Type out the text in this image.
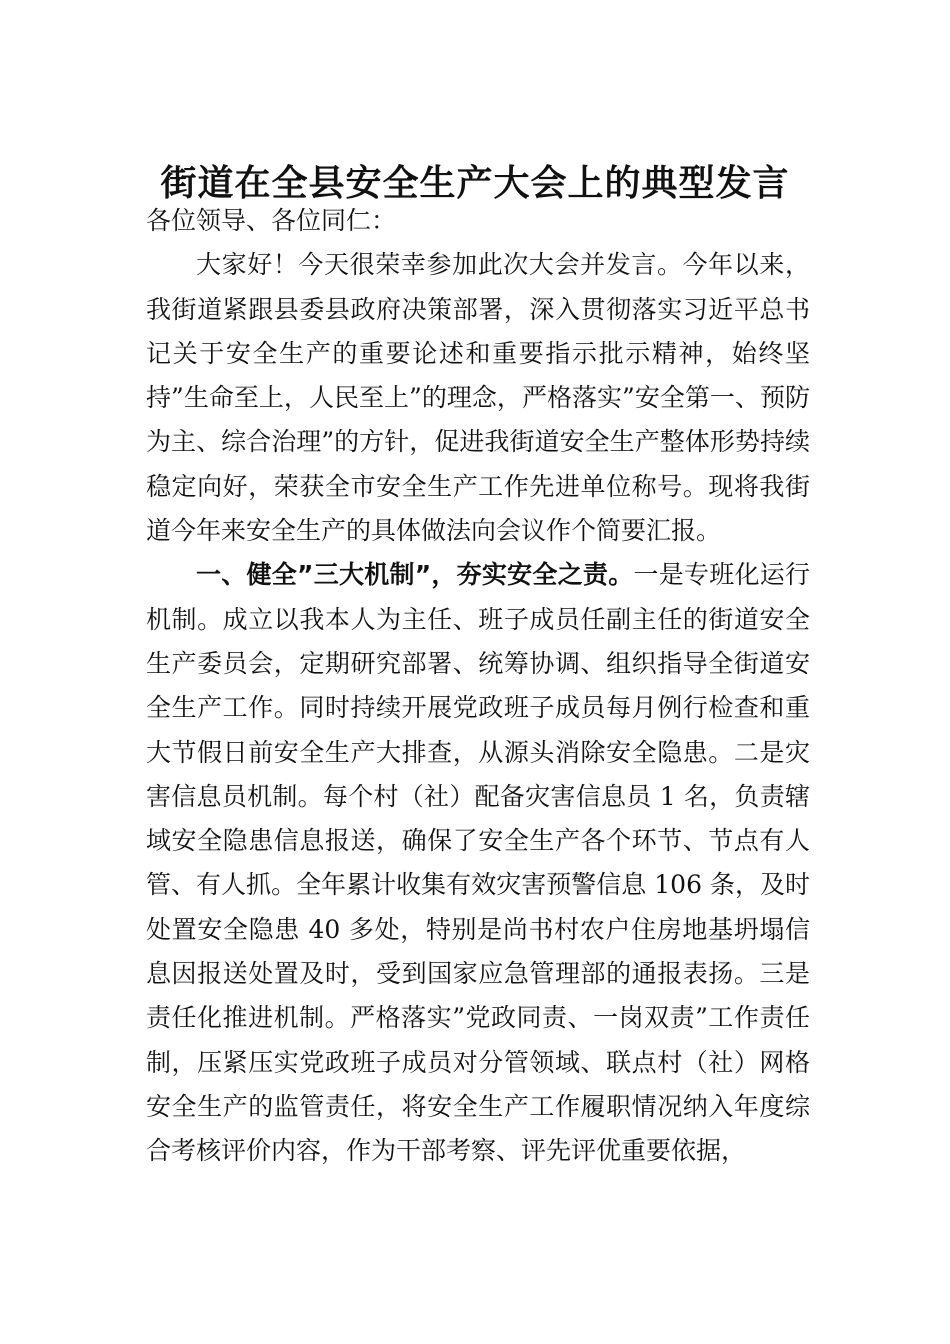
街道在全县安全生产大会上的典型发言

各位领导、各位同仁：

大家好！今天很荣幸参加此次大会并发言。今年以来，我街道紧跟县委县政府决策部署，深入贯彻落实习近平总书记关于安全生产的重要论述和重要指示批示精神，始终坚持”生命至上，人民至上”的理念，严格落实”安全第一、预防为主、综合治理”的方针，促进我街道安全生产整体形势持续稳定向好，荣获全市安全生产工作先进单位称号。现将我街道今年来安全生产的具体做法向会议作个简要汇报。

一、健全”三大机制”，夯实安全之责。一是专班化运行机制。成立以我本人为主任、班子成员任副主任的街道安全生产委员会，定期研究部署、统筹协调、组织指导全街道安全生产工作。同时持续开展党政班子成员每月例行检查和重大节假日前安全生产大排查，从源头消除安全隐患。二是灾害信息员机制。每个村（社）配备灾害信息员 1 名，负责辖域安全隐患信息报送，确保了安全生产各个环节、节点有人管、有人抓。全年累计收集有效灾害预警信息 106 条，及时处置安全隐患 40 多处，特别是尚书村农户住房地基坍塌信息因报送处置及时，受到国家应急管理部的通报表扬。三是责任化推进机制。严格落实”党政同责、一岗双责”工作责任制，压紧压实党政班子成员对分管领域、联点村（社）网格安全生产的监管责任，将安全生产工作履职情况纳入年度综合考核评价内容，作为干部考察、评先评优重要依据，
